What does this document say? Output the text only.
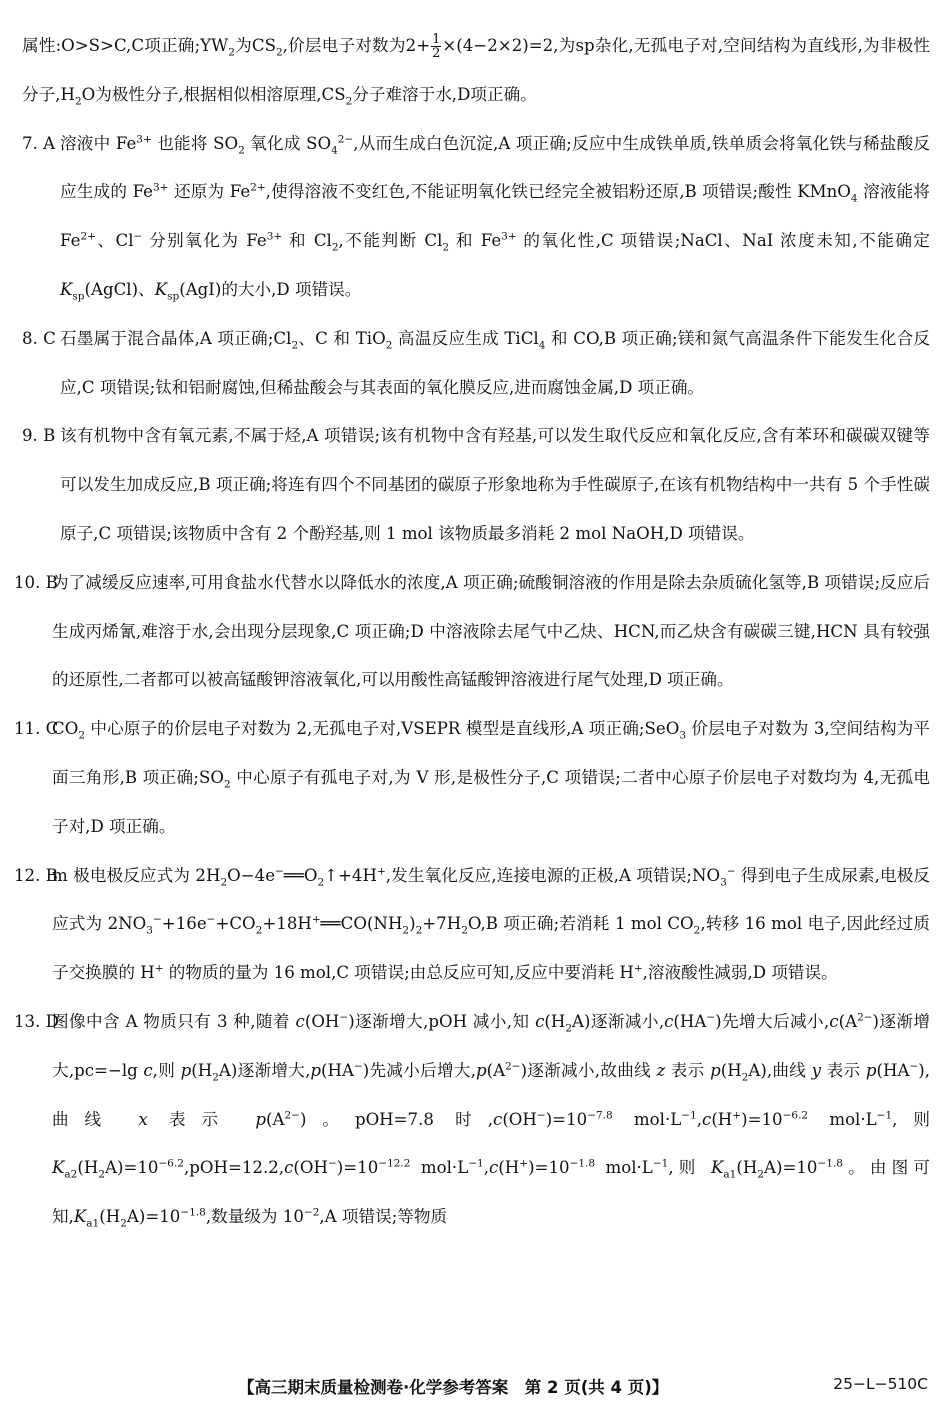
属性:O>S>C,C项正确$;YW_2$为$CS_2$,价层电子对数为$2+ \frac{1}{2} \times(4-2\times 2)=2$,为sp杂化,无孤电子对,空间结构为直线形,为非极性分子$,H_2O$为极性分子,根据相似相溶原理$,CS_2$分子难溶于水,D项正确。
7. A 溶液中 $Fe^{3+}$ 也能将 $SO_2$ 氧化成 $SO_4^{2-}$,从而生成白色沉淀,A 项正确;反应中生成铁单质,铁单质会将氧化铁与稀盐酸反应生成的 $Fe^{3+}$ 还原为 $Fe^{2+}$,使得溶液不变红色,不能证明氧化铁已经完全被铝粉还原,B 项错误;酸性 KMnO$_4$ 溶液能将 $Fe^{2+}$、Cl− 分别氧化为 $Fe^{3+}$ 和 $Cl_2$,不能判断 $Cl_2$ 和 $Fe^{3+}$ 的氧化性,C 项错误;NaCl、NaI 浓度未知,不能确定 $K_{sp}(AgCl)$、$K_{sp}(AgI)$的大小,D 项错误。
8. C 石墨属于混合晶体,A 项正确$;Cl_2$、C 和 TiO$_2$ 高温反应生成 TiCl$_4$ 和 CO,B 项正确;镁和氮气高温条件下能发生化合反应,C 项错误;钛和铝耐腐蚀,但稀盐酸会与其表面的氧化膜反应,进而腐蚀金属,D 项正确。
9. B 该有机物中含有氧元素,不属于烃,A 项错误;该有机物中含有羟基,可以发生取代反应和氧化反应,含有苯环和碳碳双键等可以发生加成反应,B 项正确;将连有四个不同基团的碳原子形象地称为手性碳原子,在该有机物结构中一共有 5 个手性碳原子,C 项错误;该物质中含有 2 个酚羟基,则 1 mol 该物质最多消耗 2 mol NaOH,D 项错误。
10. B
为了减缓反应速率,可用食盐水代替水以降低水的浓度,A 项正确;硫酸铜溶液的作用是除去杂质硫化氢等,B 项错误;反应后生成丙烯氰,难溶于水,会出现分层现象,C 项正确;D 中溶液除去尾气中乙炔、HCN,而乙炔含有碳碳三键,HCN 具有较强的还原性,二者都可以被高锰酸钾溶液氧化,可以用酸性高锰酸钾溶液进行尾气处理,D 项正确。
11. C
$CO_2$ 中心原子的价层电子对数为 2,无孤电子对,VSEPR 模型是直线形,A 项正确;SeO$_3$ 价层电子对数为 3,空间结构为平面三角形,B 项正确$;SO_2$ 中心原子有孤电子对,为 V 形,是极性分子,C 项错误;二者中心原子价层电子对数均为 4,无孤电子对,D 项正确。
12. B
m 极电极反应式为 $2H_2O-4e^-══O_2↑+4H^+$,发生氧化反应,连接电源的正极,A 项错误$;NO_3^-$ 得到电子生成尿素,电极反应式为 $2NO_3^-+16e^-+CO_2+18H^+══CO(NH_2)_2+7H_2O,B$ 项正确;若消耗 1 mol $CO_2$,转移 16 mol 电子,因此经过质子交换膜的 H+ 的物质的量为 16 mol,C 项错误;由总反应可知,反应中要消耗 H+,溶液酸性减弱,D 项错误。
13. D
图像中含 A 物质只有 3 种,随着 c(OH−)逐渐增大,pOH 减小,知 $c(H_2A)$逐渐减小,c(HA−)先增大后减小$,c(A^{2-})$逐渐增大,pc=−lg c,则 $p(H_2A)$逐渐增大,p(HA−)先减小后增大$,p(A^{2-})$逐渐减小,故曲线 z 表示 $p(H_2A)$,曲线 y 表示 p(HA−),曲线 x 表示 $p(A^{2-})$。pOH=7.8 时$,c(OH^-)=10^{-7.8}$ $mol\cdot L^{-1},c(H^+)=10^{-6.2}$ $mol\cdot L^{-1}$,则 $K_{a2}(H_2A)=10^{-6.2},pOH=12.2,c(OH^-)=10^{-12.2}$ $mol\cdot L^{-1},c(H^+)=10^{-1.8}$ $mol\cdot L^{-1}$,则 $K_{a1}(H_2A)=10^{-1.8}$。由图可知$,K_{a1}(H_2A)=10^{-1.8}$,数量级为 $10^{-2},A$ 项错误;等物质
【高三期末质量检测卷·化学参考答案　第 2 页(共 4 页)】	25−L−510C
